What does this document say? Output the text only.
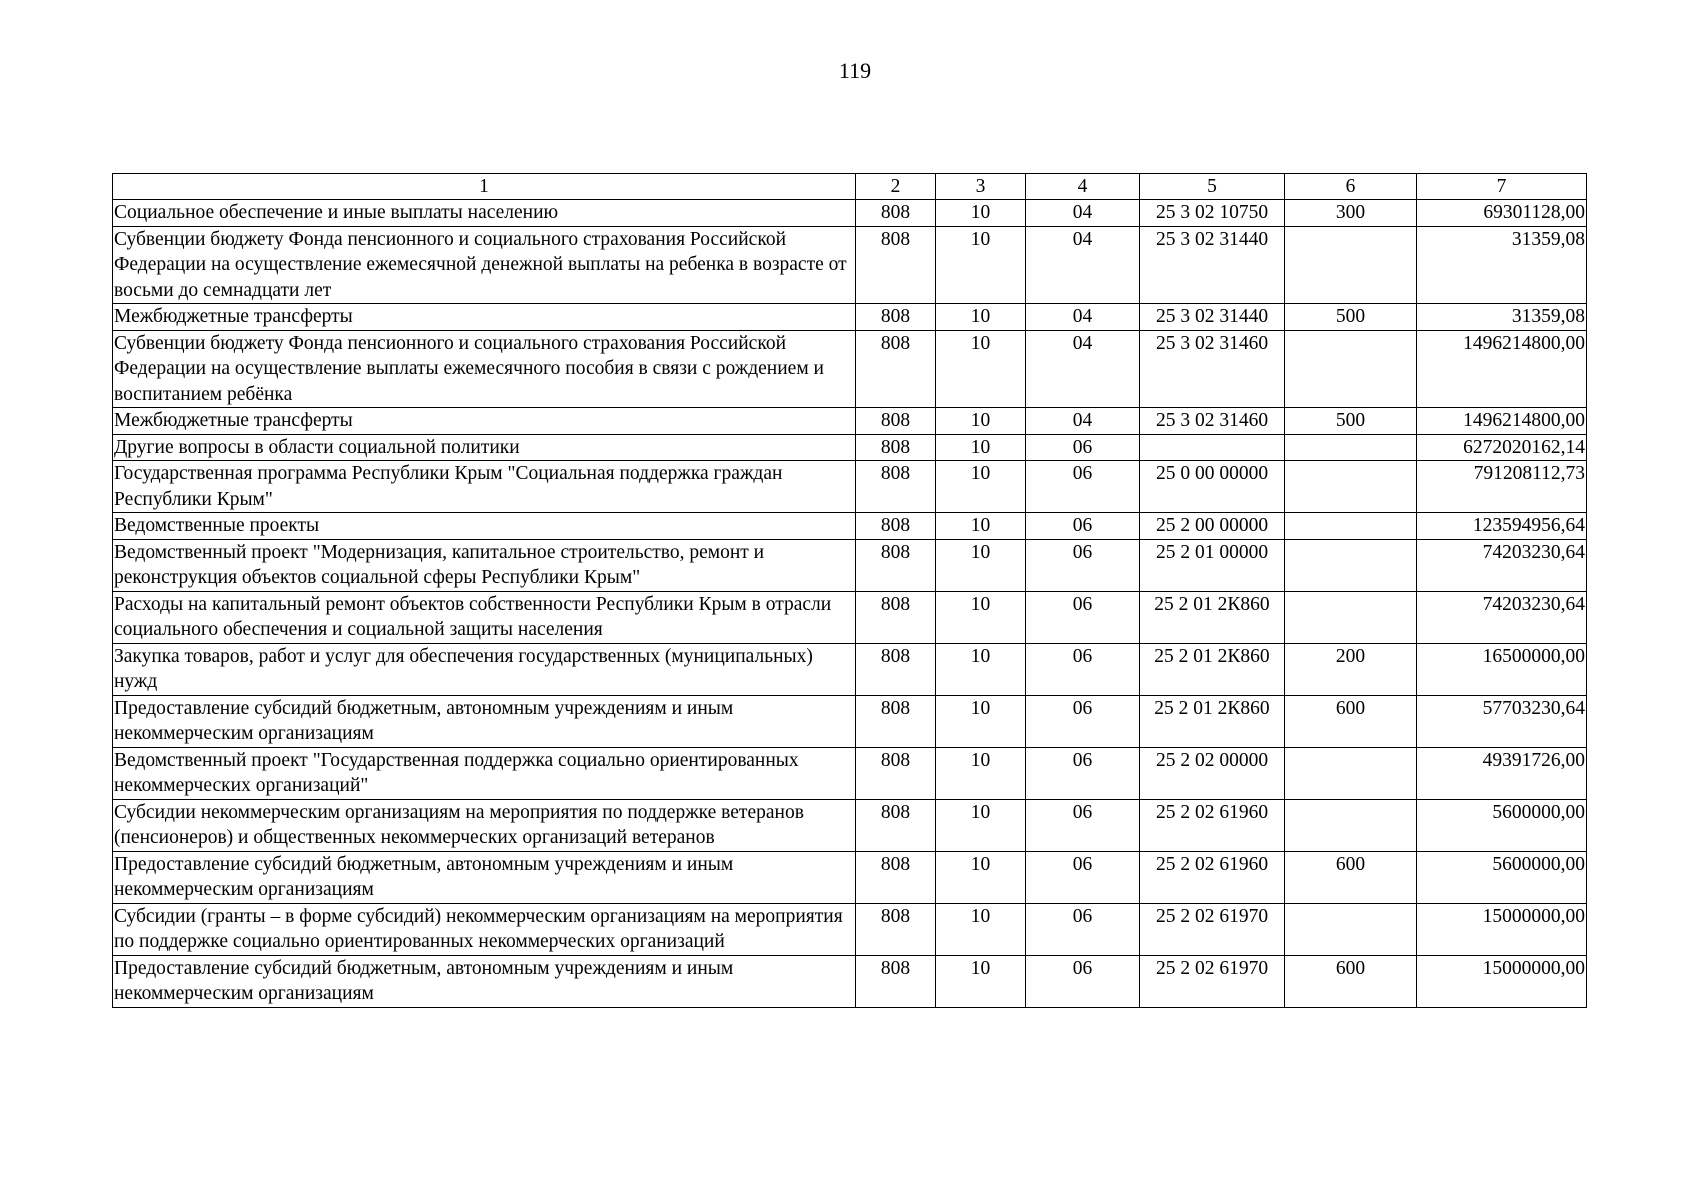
119
1	2	3	4	5	6	7
Социальное обеспечение и иные выплаты населению	808	10	04	25 3 02 10750	300	69301128,00
Субвенции бюджету Фонда пенсионного и социального страхования Российской Федерации на осуществление ежемесячной денежной выплаты на ребенка в возрасте от восьми до семнадцати лет	808	10	04	25 3 02 31440		31359,08
Межбюджетные трансферты	808	10	04	25 3 02 31440	500	31359,08
Субвенции бюджету Фонда пенсионного и социального страхования Российской Федерации на осуществление выплаты ежемесячного пособия в связи с рождением и воспитанием ребёнка	808	10	04	25 3 02 31460		1496214800,00
Межбюджетные трансферты	808	10	04	25 3 02 31460	500	1496214800,00
Другие вопросы в области социальной политики	808	10	06			6272020162,14
Государственная программа Республики Крым "Социальная поддержка граждан Республики Крым"	808	10	06	25 0 00 00000		791208112,73
Ведомственные проекты	808	10	06	25 2 00 00000		123594956,64
Ведомственный проект "Модернизация, капитальное строительство, ремонт и реконструкция объектов социальной сферы Республики Крым"	808	10	06	25 2 01 00000		74203230,64
Расходы на капитальный ремонт объектов собственности Республики Крым в отрасли социального обеспечения и социальной защиты населения	808	10	06	25 2 01 2К860		74203230,64
Закупка товаров, работ и услуг для обеспечения государственных (муниципальных) нужд	808	10	06	25 2 01 2К860	200	16500000,00
Предоставление субсидий бюджетным, автономным учреждениям и иным некоммерческим организациям	808	10	06	25 2 01 2К860	600	57703230,64
Ведомственный проект "Государственная поддержка социально ориентированных некоммерческих организаций"	808	10	06	25 2 02 00000		49391726,00
Субсидии некоммерческим организациям на мероприятия по поддержке ветеранов (пенсионеров) и общественных некоммерческих организаций ветеранов	808	10	06	25 2 02 61960		5600000,00
Предоставление субсидий бюджетным, автономным учреждениям и иным некоммерческим организациям	808	10	06	25 2 02 61960	600	5600000,00
Субсидии (гранты – в форме субсидий) некоммерческим организациям на мероприятия по поддержке социально ориентированных некоммерческих организаций	808	10	06	25 2 02 61970		15000000,00
Предоставление субсидий бюджетным, автономным учреждениям и иным некоммерческим организациям	808	10	06	25 2 02 61970	600	15000000,00
